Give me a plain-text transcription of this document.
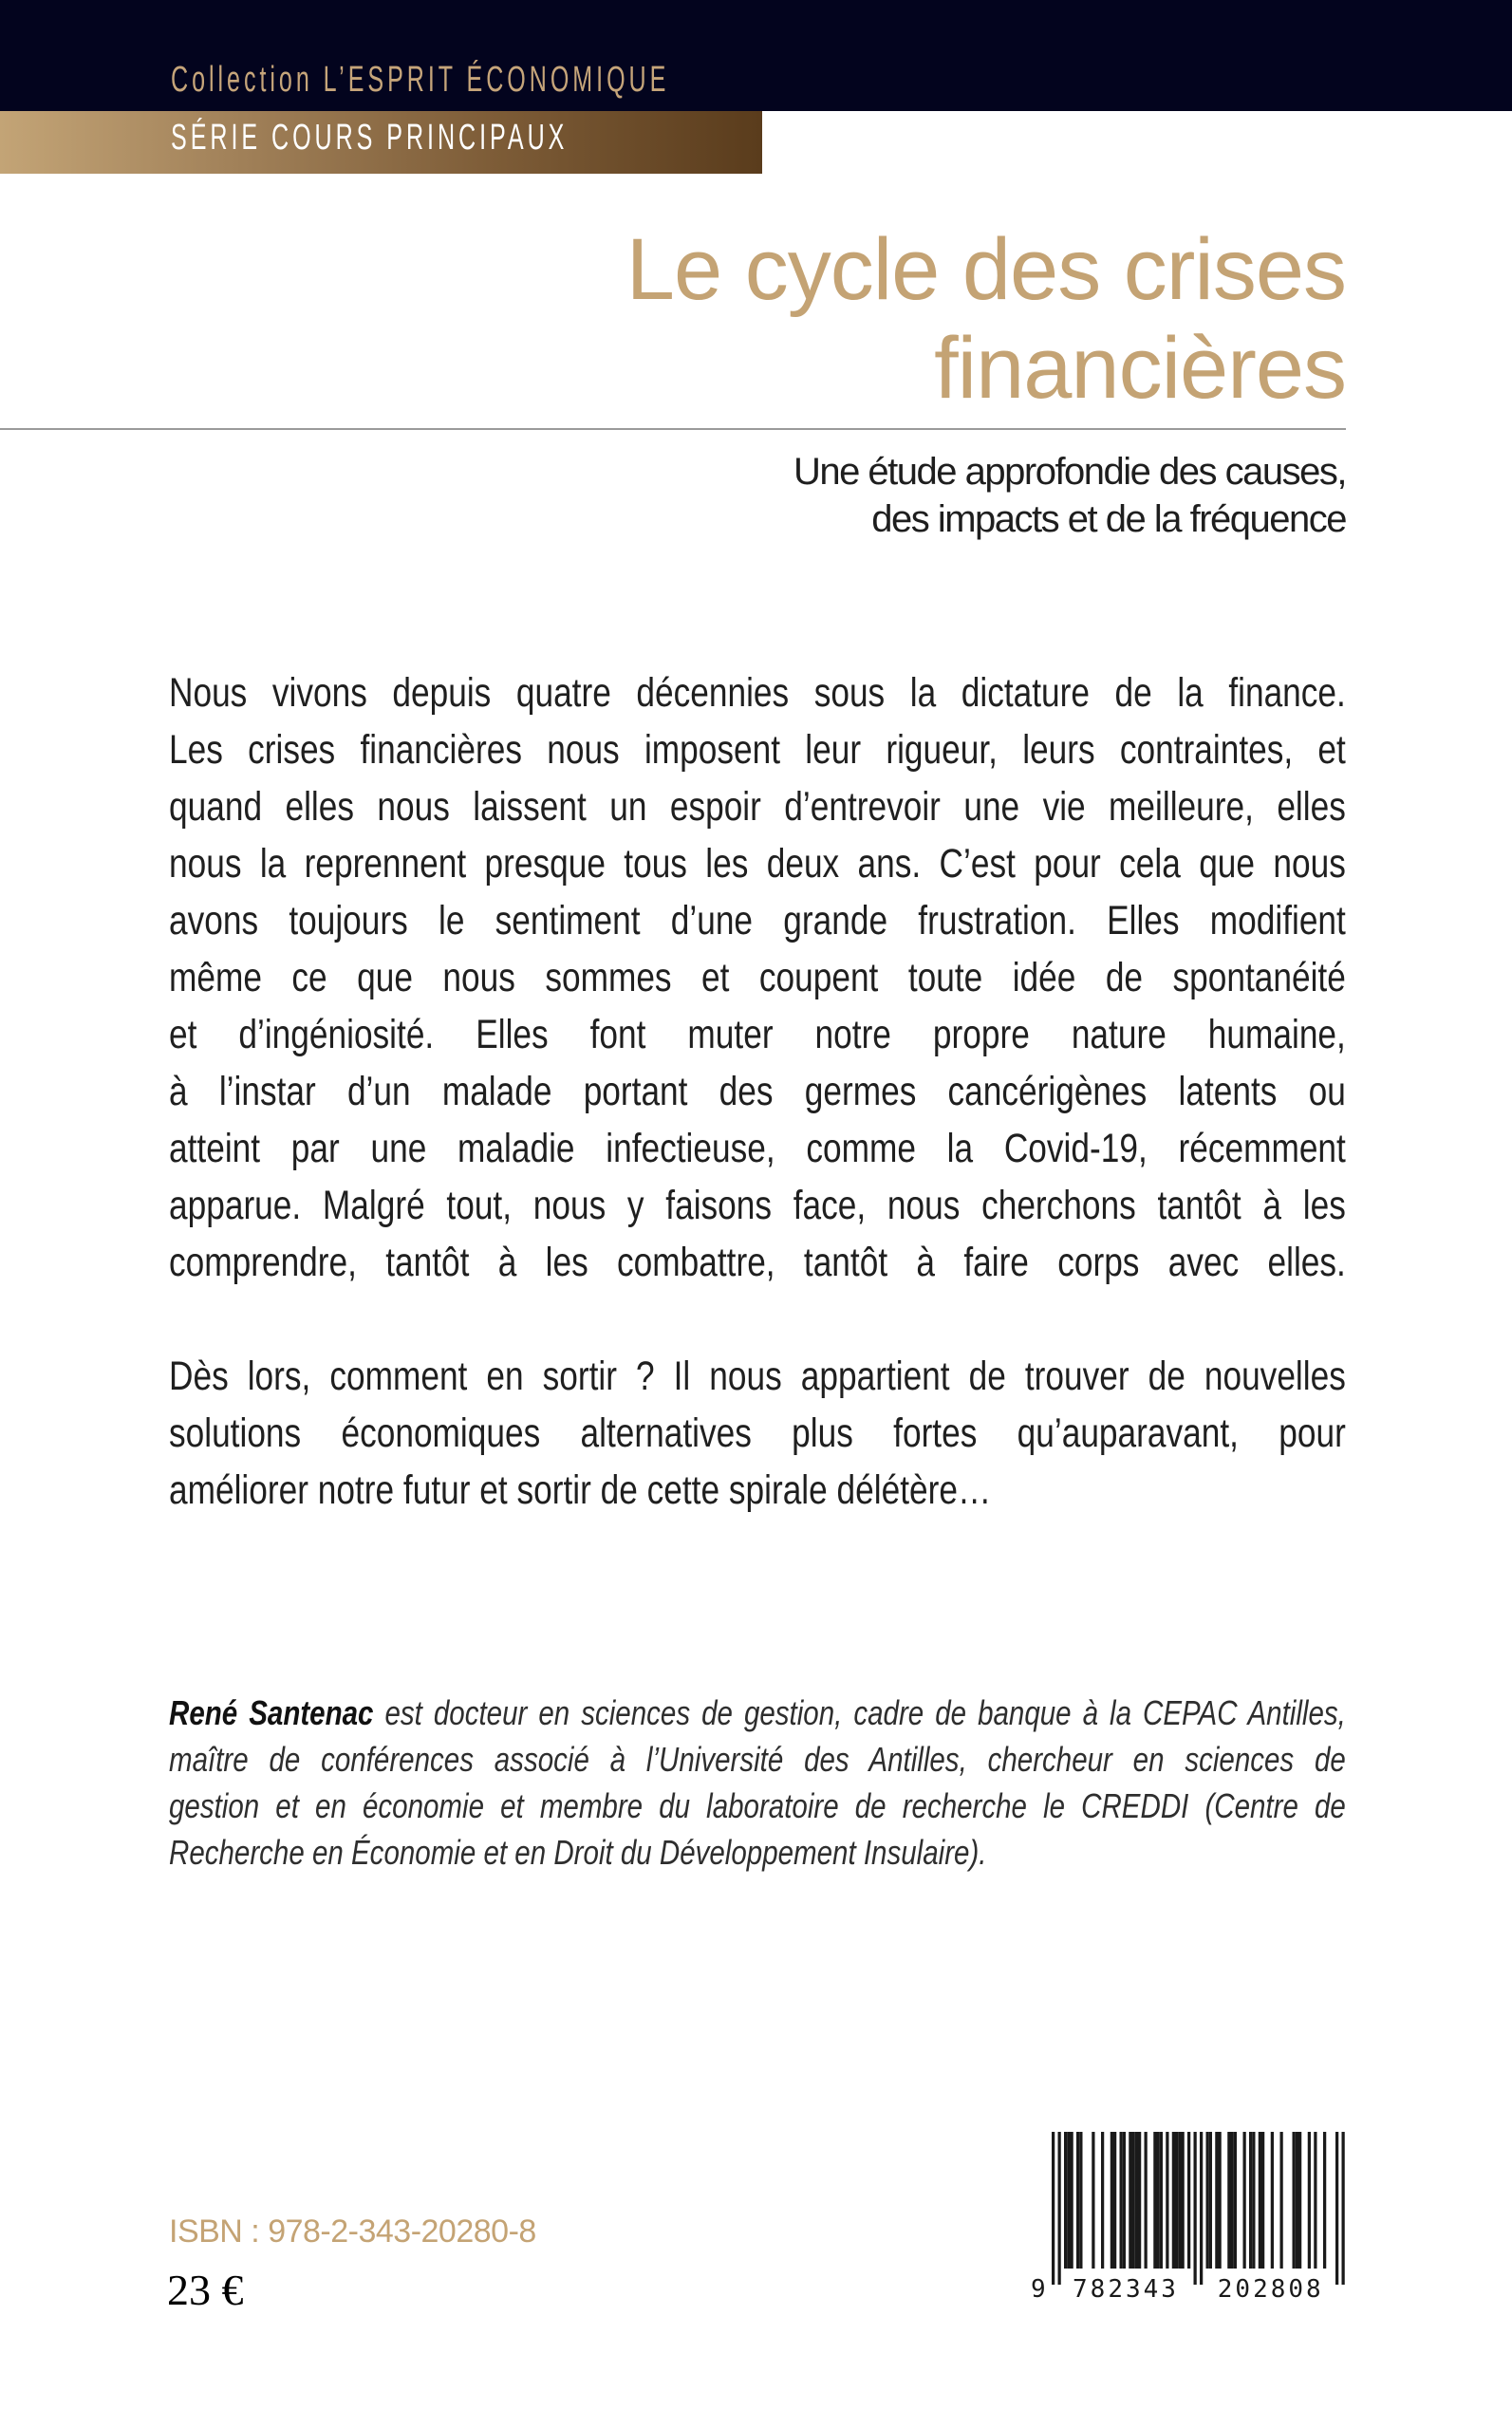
Collection L’ESPRIT ÉCONOMIQUE
SÉRIE COURS PRINCIPAUX
Le cycle des crises
financières
Une étude approfondie des causes,
des impacts et de la fréquence

Nous vivons depuis quatre décennies sous la dictature de la finance.
Les crises financières nous imposent leur rigueur, leurs contraintes, et
quand elles nous laissent un espoir d’entrevoir une vie meilleure, elles
nous la reprennent presque tous les deux ans. C’est pour cela que nous
avons toujours le sentiment d’une grande frustration. Elles modifient
même ce que nous sommes et coupent toute idée de spontanéité
et d’ingéniosité. Elles font muter notre propre nature humaine,
à l’instar d’un malade portant des germes cancérigènes latents ou
atteint par une maladie infectieuse, comme la Covid-19, récemment
apparue. Malgré tout, nous y faisons face, nous cherchons tantôt à les
comprendre, tantôt à les combattre, tantôt à faire corps avec elles.

Dès lors, comment en sortir ? Il nous appartient de trouver de nouvelles
solutions économiques alternatives plus fortes qu’auparavant, pour
améliorer notre futur et sortir de cette spirale délétère…

René Santenac est docteur en sciences de gestion, cadre de banque à la CEPAC Antilles,
maître de conférences associé à l’Université des Antilles, chercheur en sciences de
gestion et en économie et membre du laboratoire de recherche le CREDDI (Centre de
Recherche en Économie et en Droit du Développement Insulaire).
ISBN : 978-2-343-20280-8
23 €	9 782343 202808
